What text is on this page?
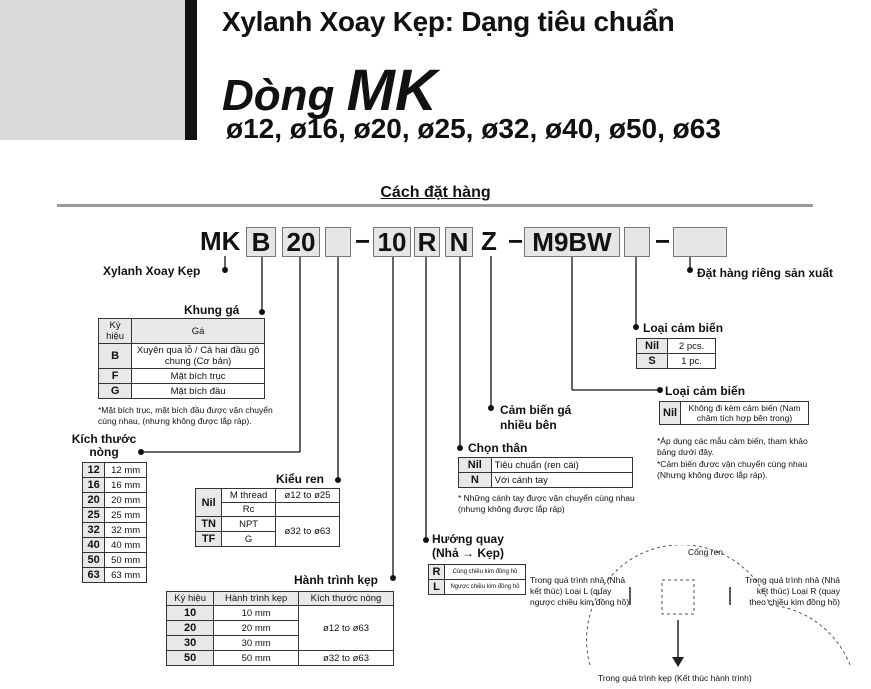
Xylanh Xoay Kẹp: Dạng tiêu chuẩn
Dòng MK
ø12, ø16, ø20, ø25, ø32, ø40, ø50, ø63
Cách đặt hàng
MK B 20 − 10 R N Z − M9BW	−
Xylanh Xoay Kẹp	Đặt hàng riêng sản xuất
Khung gá
Kích thước nòng
Kiểu ren
Hành trình kẹp
Hướng quay (Nhả → Kẹp)
Chọn thân
Cảm biến gá nhiều bên
Loại cảm biến
Loại cảm biến
Ký hiệu	Gá
B	Xuyên qua lỗ / Cả hai đầu gô chung (Cơ bản)
F	Mặt bích trục
G	Mặt bích đầu
*Mặt bích trục, mặt bích đầu được vận chuyển cùng nhau, (nhưng không được lắp ráp).
12	12 mm
16	16 mm
20	20 mm
25	25 mm
32	32 mm
40	40 mm
50	50 mm
63	63 mm
Nil	M thread	ø12 to ø25
	Rc	
TN	NPT	ø32 to ø63
TF	G	
Ký hiệu	Hành trình kẹp	Kích thước nòng
10	10 mm	ø12 to ø63
20	20 mm	
30	30 mm	
50	50 mm	ø32 to ø63
R	Cùng chiều kim đồng hồ
L	Ngược chiều kim đồng hồ
Nil	Tiêu chuẩn (ren cái)
N	Với cánh tay
* Những cánh tay được vận chuyển cùng nhau (nhưng không được lắp ráp)
Nil	2 pcs.
S	1 pc.
Nil	Không đi kèm cảm biến (Nam châm tích hợp bên trong)
*Áp dụng các mẫu cảm biến, tham khảo bảng dưới đây.
*Cảm biến được vận chuyển cùng nhau (Nhưng không được lắp ráp).
Cổng ren
Trong quá trình nhả (Nhả kết thúc) Loại L (quay ngược chiều kim đồng hồ)
Trong quá trình nhả (Nhả kết thúc) Loại R (quay theo chiều kim đồng hồ)
Trong quá trình kẹp (Kết thúc hành trình)
